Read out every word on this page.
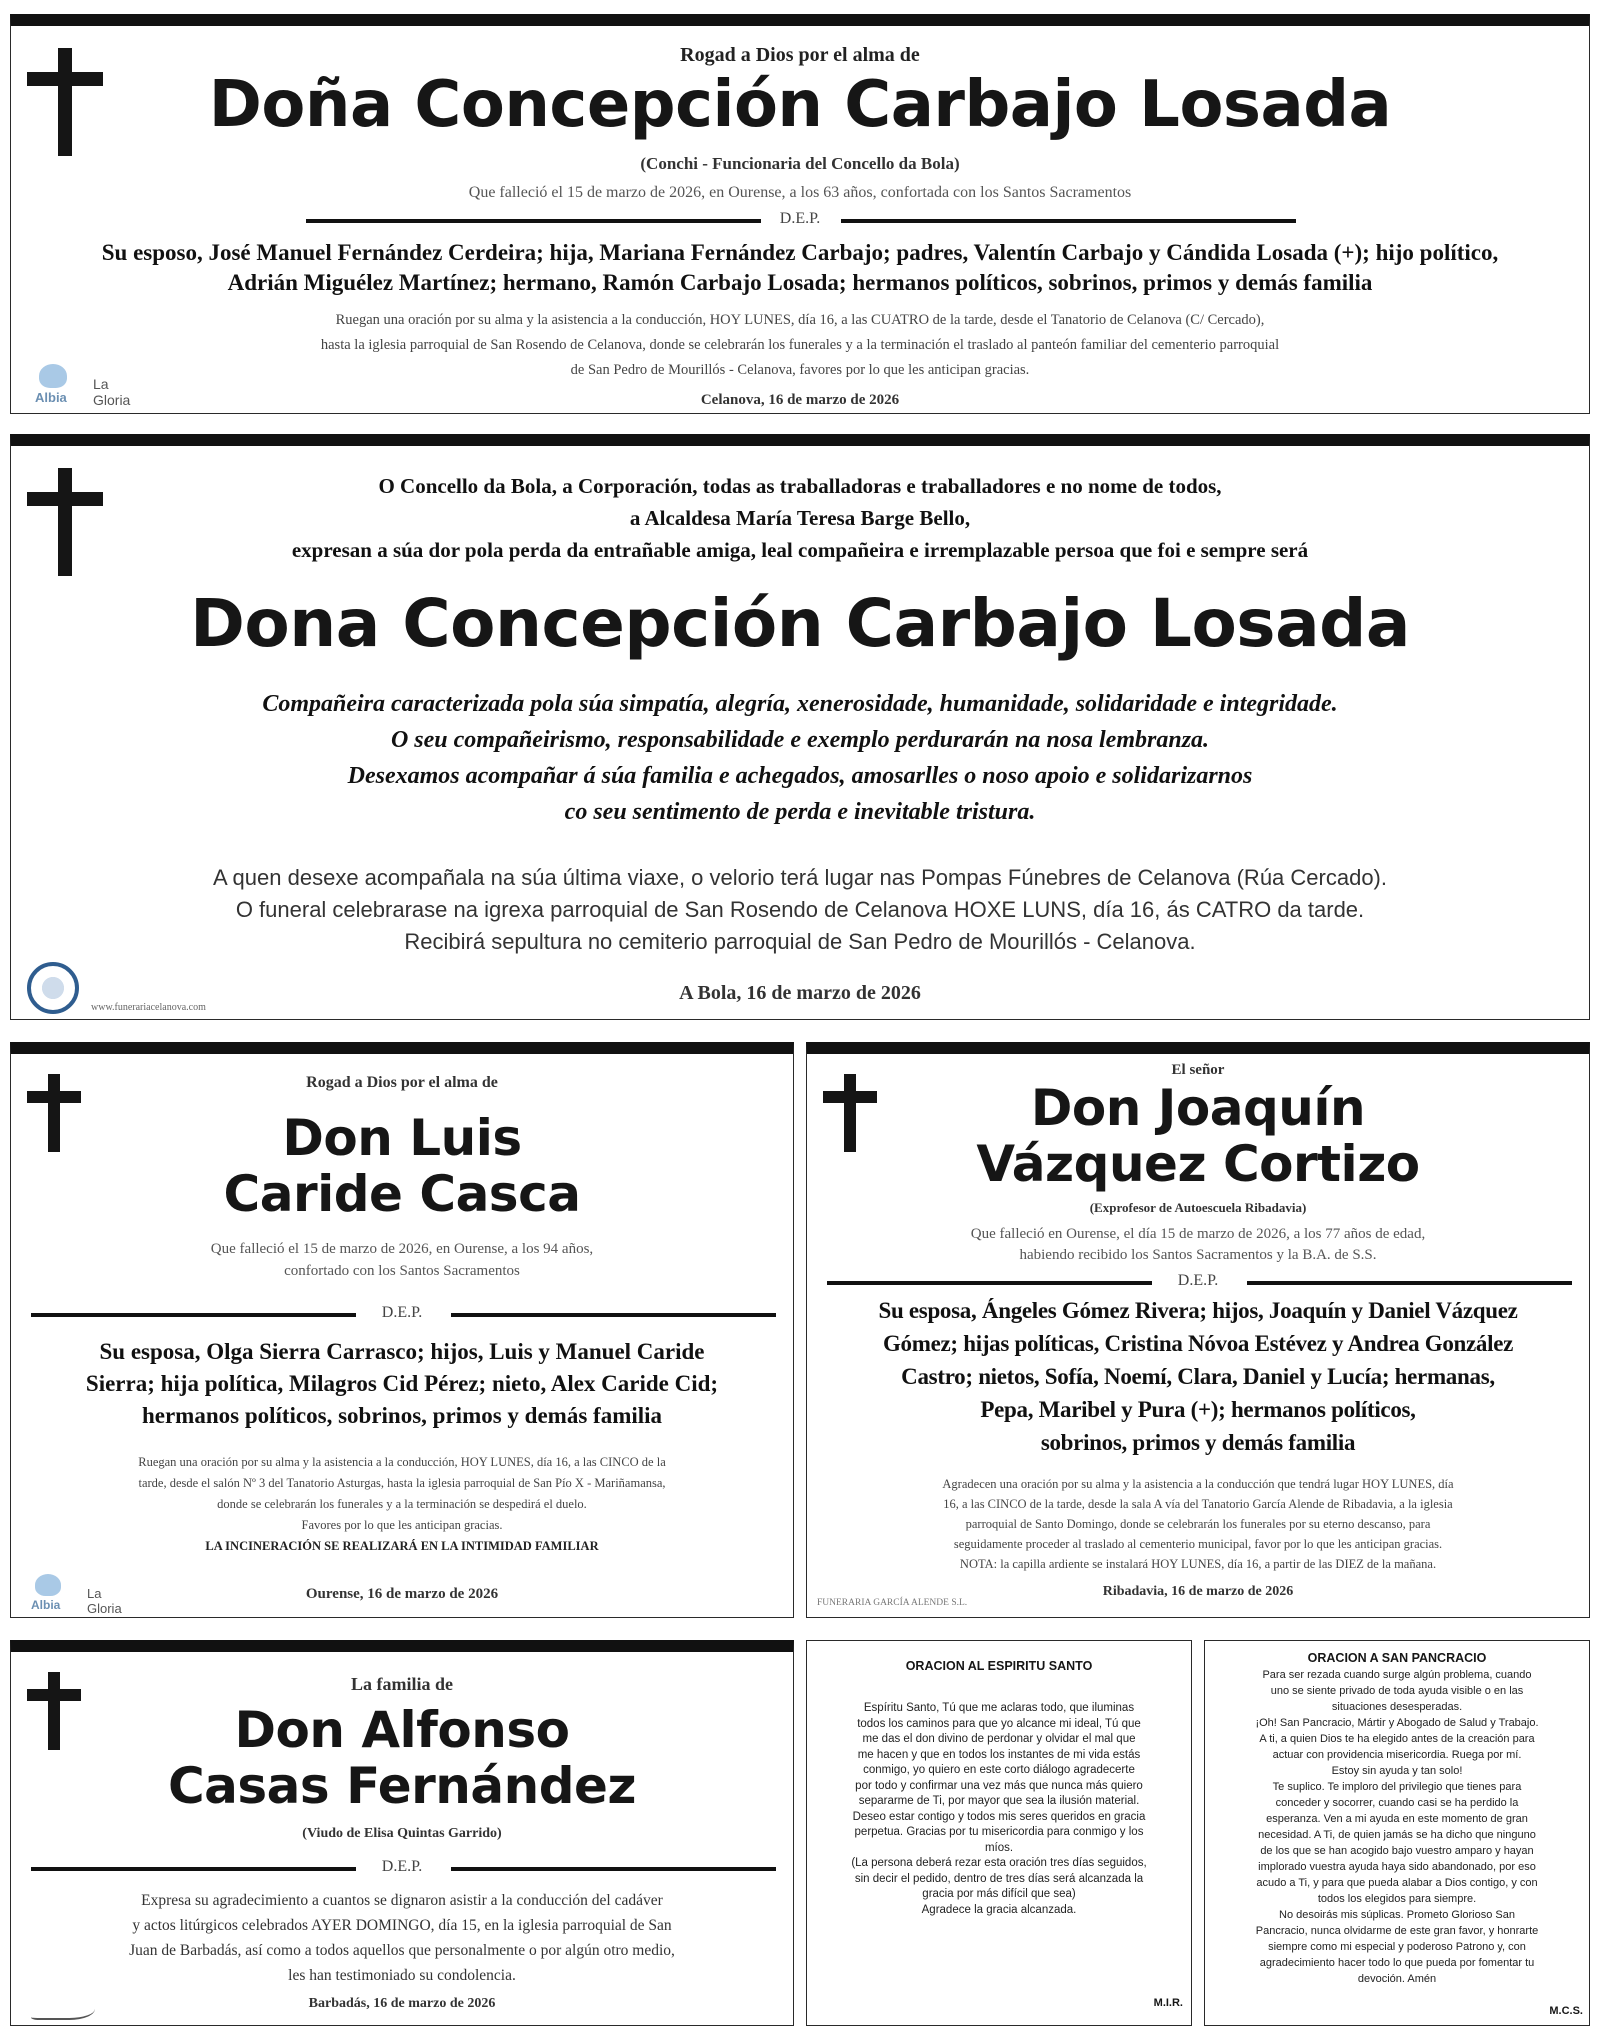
Rogad a Dios por el alma de
Doña Concepción Carbajo Losada
(Conchi - Funcionaria del Concello da Bola)
Que falleció el 15 de marzo de 2026, en Ourense, a los 63 años, confortada con los Santos Sacramentos
D.E.P.
Su esposo, José Manuel Fernández Cerdeira; hija, Mariana Fernández Carbajo; padres, Valentín Carbajo y Cándida Losada (+); hijo político,
Adrián Miguélez Martínez; hermano, Ramón Carbajo Losada; hermanos políticos, sobrinos, primos y demás familia
Ruegan una oración por su alma y la asistencia a la conducción, HOY LUNES, día 16, a las CUATRO de la tarde, desde el Tanatorio de Celanova (C/ Cercado),
hasta la iglesia parroquial de San Rosendo de Celanova, donde se celebrarán los funerales y a la terminación el traslado al panteón familiar del cementerio parroquial
de San Pedro de Mourillós - Celanova, favores por lo que les anticipan gracias.
Celanova, 16 de marzo de 2026
Albia
La Gloria
O Concello da Bola, a Corporación, todas as traballadoras e traballadores e no nome de todos,
a Alcaldesa María Teresa Barge Bello,
expresan a súa dor pola perda da entrañable amiga, leal compañeira e irremplazable persoa que foi e sempre será
Dona Concepción Carbajo Losada
Compañeira caracterizada pola súa simpatía, alegría, xenerosidade, humanidade, solidaridade e integridade.
O seu compañeirismo, responsabilidade e exemplo perdurarán na nosa lembranza.
Desexamos acompañar á súa familia e achegados, amosarlles o noso apoio e solidarizarnos
co seu sentimento de perda e inevitable tristura.
A quen desexe acompañala na súa última viaxe, o velorio terá lugar nas Pompas Fúnebres de Celanova (Rúa Cercado).
O funeral celebrarase na igrexa parroquial de San Rosendo de Celanova HOXE LUNS, día 16, ás CATRO da tarde.
Recibirá sepultura no cemiterio parroquial de San Pedro de Mourillós - Celanova.
A Bola, 16 de marzo de 2026
www.funerariacelanova.com
Rogad a Dios por el alma de
Don Luis
Caride Casca
Que falleció el 15 de marzo de 2026, en Ourense, a los 94 años,
confortado con los Santos Sacramentos
D.E.P.
Su esposa, Olga Sierra Carrasco; hijos, Luis y Manuel Caride
Sierra; hija política, Milagros Cid Pérez; nieto, Alex Caride Cid;
hermanos políticos, sobrinos, primos y demás familia
Ruegan una oración por su alma y la asistencia a la conducción, HOY LUNES, día 16, a las CINCO de la
tarde, desde el salón Nº 3 del Tanatorio Asturgas, hasta la iglesia parroquial de San Pío X - Mariñamansa,
donde se celebrarán los funerales y a la terminación se despedirá el duelo.
Favores por lo que les anticipan gracias.
LA INCINERACIÓN SE REALIZARÁ EN LA INTIMIDAD FAMILIAR
Ourense, 16 de marzo de 2026
Albia
La Gloria
El señor
Don Joaquín
Vázquez Cortizo
(Exprofesor de Autoescuela Ribadavia)
Que falleció en Ourense, el día 15 de marzo de 2026, a los 77 años de edad,
habiendo recibido los Santos Sacramentos y la B.A. de S.S.
D.E.P.
Su esposa, Ángeles Gómez Rivera; hijos, Joaquín y Daniel Vázquez
Gómez; hijas políticas, Cristina Nóvoa Estévez y Andrea González
Castro; nietos, Sofía, Noemí, Clara, Daniel y Lucía; hermanas,
Pepa, Maribel y Pura (+); hermanos políticos,
sobrinos, primos y demás familia
Agradecen una oración por su alma y la asistencia a la conducción que tendrá lugar HOY LUNES, día
16, a las CINCO de la tarde, desde la sala A vía del Tanatorio García Alende de Ribadavia, a la iglesia
parroquial de Santo Domingo, donde se celebrarán los funerales por su eterno descanso, para
seguidamente proceder al traslado al cementerio municipal, favor por lo que les anticipan gracias.
NOTA: la capilla ardiente se instalará HOY LUNES, día 16, a partir de las DIEZ de la mañana.
Ribadavia, 16 de marzo de 2026
FUNERARIA GARCÍA ALENDE S.L.
La familia de
Don Alfonso
Casas Fernández
(Viudo de Elisa Quintas Garrido)
D.E.P.
Expresa su agradecimiento a cuantos se dignaron asistir a la conducción del cadáver
y actos litúrgicos celebrados AYER DOMINGO, día 15, en la iglesia parroquial de San
Juan de Barbadás, así como a todos aquellos que personalmente o por algún otro medio,
les han testimoniado su condolencia.
Barbadás, 16 de marzo de 2026
ORACION AL ESPIRITU SANTO
Espíritu Santo, Tú que me aclaras todo, que iluminas
todos los caminos para que yo alcance mi ideal, Tú que
me das el don divino de perdonar y olvidar el mal que
me hacen y que en todos los instantes de mi vida estás
conmigo, yo quiero en este corto diálogo agradecerte
por todo y confirmar una vez más que nunca más quiero
separarme de Ti, por mayor que sea la ilusión material.
Deseo estar contigo y todos mis seres queridos en gracia
perpetua. Gracias por tu misericordia para conmigo y los
míos.
(La persona deberá rezar esta oración tres días seguidos,
sin decir el pedido, dentro de tres días será alcanzada la
gracia por más difícil que sea)
Agradece la gracia alcanzada.
M.I.R.
ORACION A SAN PANCRACIO
Para ser rezada cuando surge algún problema, cuando
uno se siente privado de toda ayuda visible o en las
situaciones desesperadas.
¡Oh! San Pancracio, Mártir y Abogado de Salud y Trabajo.
A ti, a quien Dios te ha elegido antes de la creación para
actuar con providencia misericordia. Ruega por mí.
Estoy sin ayuda y tan solo!
Te suplico. Te imploro del privilegio que tienes para
conceder y socorrer, cuando casi se ha perdido la
esperanza. Ven a mi ayuda en este momento de gran
necesidad. A Ti, de quien jamás se ha dicho que ninguno
de los que se han acogido bajo vuestro amparo y hayan
implorado vuestra ayuda haya sido abandonado, por eso
acudo a Ti, y para que pueda alabar a Dios contigo, y con
todos los elegidos para siempre.
No desoirás mis súplicas. Prometo Glorioso San
Pancracio, nunca olvidarme de este gran favor, y honrarte
siempre como mi especial y poderoso Patrono y, con
agradecimiento hacer todo lo que pueda por fomentar tu
devoción. Amén
M.C.S.
